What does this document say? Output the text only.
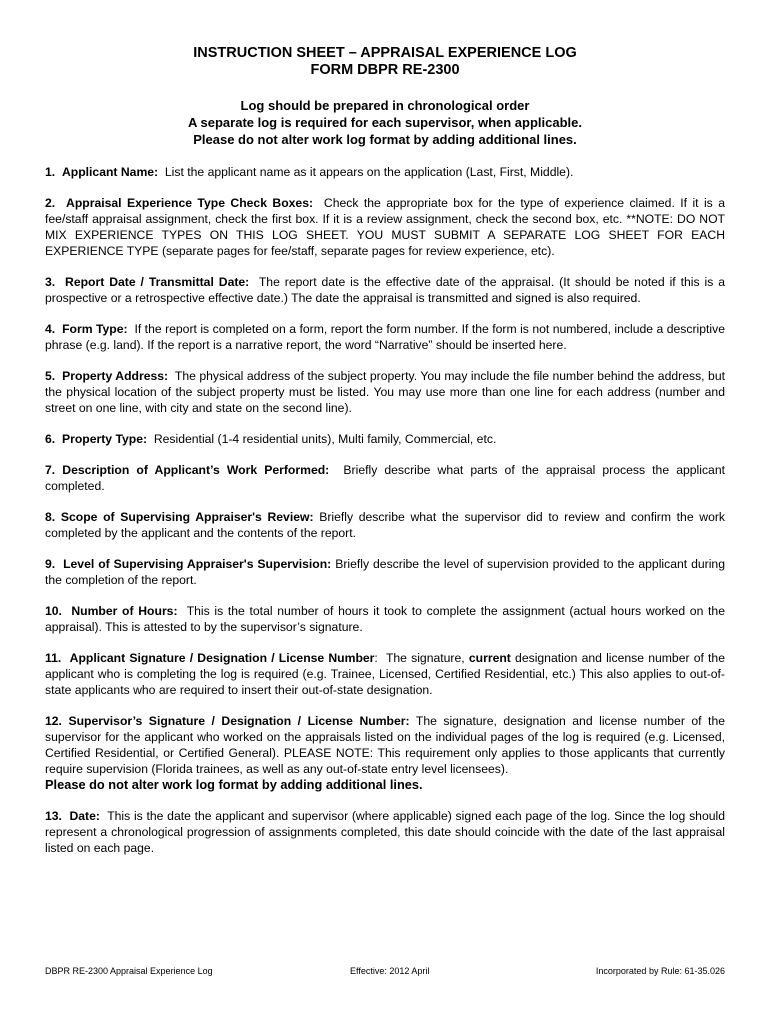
INSTRUCTION SHEET – APPRAISAL EXPERIENCE LOG
FORM DBPR RE-2300
Log should be prepared in chronological order
A separate log is required for each supervisor, when applicable.
Please do not alter work log format by adding additional lines.

1. Applicant Name: List the applicant name as it appears on the application (Last, First, Middle).

2. Appraisal Experience Type Check Boxes: Check the appropriate box for the type of experience claimed. If it is a fee/staff appraisal assignment, check the first box. If it is a review assignment, check the second box, etc. **NOTE: DO NOT MIX EXPERIENCE TYPES ON THIS LOG SHEET. YOU MUST SUBMIT A SEPARATE LOG SHEET FOR EACH EXPERIENCE TYPE (separate pages for fee/staff, separate pages for review experience, etc).

3. Report Date / Transmittal Date: The report date is the effective date of the appraisal. (It should be noted if this is a prospective or a retrospective effective date.) The date the appraisal is transmitted and signed is also required.

4. Form Type: If the report is completed on a form, report the form number. If the form is not numbered, include a descriptive phrase (e.g. land). If the report is a narrative report, the word “Narrative” should be inserted here.

5. Property Address: The physical address of the subject property. You may include the file number behind the address, but the physical location of the subject property must be listed. You may use more than one line for each address (number and street on one line, with city and state on the second line).

6. Property Type: Residential (1-4 residential units), Multi family, Commercial, etc.

7. Description of Applicant’s Work Performed: Briefly describe what parts of the appraisal process the applicant completed.

8. Scope of Supervising Appraiser's Review: Briefly describe what the supervisor did to review and confirm the work completed by the applicant and the contents of the report.

9. Level of Supervising Appraiser's Supervision: Briefly describe the level of supervision provided to the applicant during the completion of the report.

10. Number of Hours: This is the total number of hours it took to complete the assignment (actual hours worked on the appraisal). This is attested to by the supervisor’s signature.

11. Applicant Signature / Designation / License Number: The signature, current designation and license number of the applicant who is completing the log is required (e.g. Trainee, Licensed, Certified Residential, etc.) This also applies to out-of-state applicants who are required to insert their out-of-state designation.

12. Supervisor’s Signature / Designation / License Number: The signature, designation and license number of the supervisor for the applicant who worked on the appraisals listed on the individual pages of the log is required (e.g. Licensed, Certified Residential, or Certified General). PLEASE NOTE: This requirement only applies to those applicants that currently require supervision (Florida trainees, as well as any out-of-state entry level licensees).
Please do not alter work log format by adding additional lines.

13. Date: This is the date the applicant and supervisor (where applicable) signed each page of the log. Since the log should represent a chronological progression of assignments completed, this date should coincide with the date of the last appraisal listed on each page.

DBPR RE-2300 Appraisal Experience Log	Effective: 2012 April	Incorporated by Rule: 61-35.026
